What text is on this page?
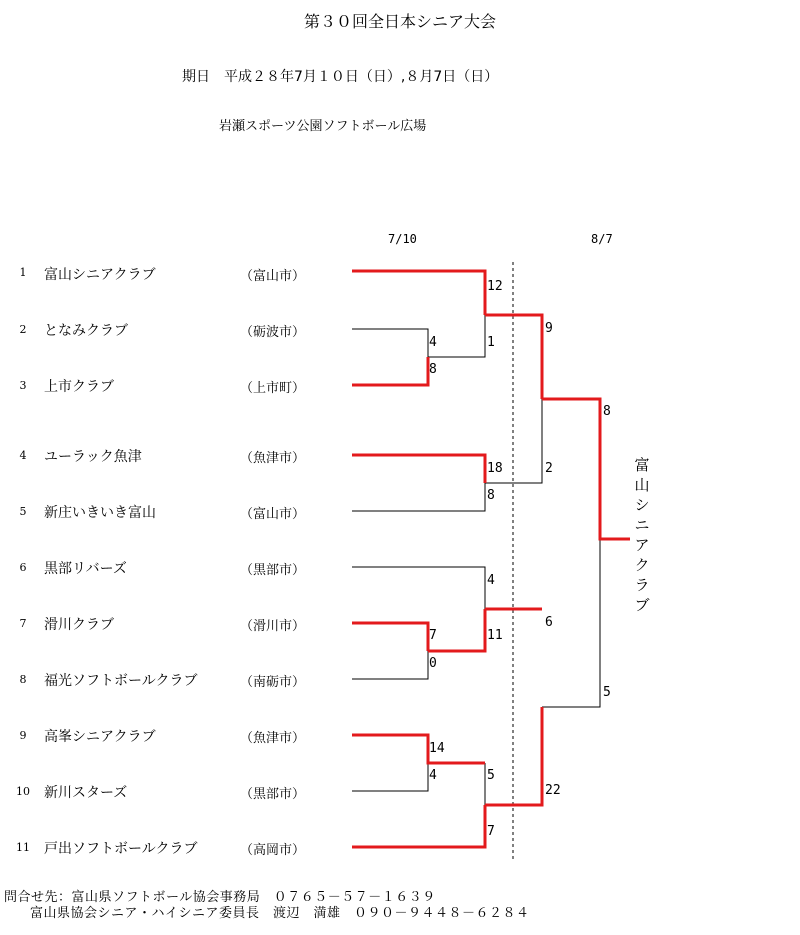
第３０回全日本シニア大会
期日　平成２８年7月１０日（日）,８月7日（日）
岩瀬スポーツ公園ソフトボール広場
7/10	8/7
1	富山シニアクラブ	（富山市）
2	となみクラブ	（砺波市）
3	上市クラブ	（上市町）
4	ユーラック魚津	（魚津市）
5	新庄いきいき富山	（富山市）
6	黒部リバーズ	（黒部市）
7	滑川クラブ	（滑川市）
8	福光ソフトボールクラブ	（南砺市）
9	高峯シニアクラブ	（魚津市）
10 新川スターズ	（黒部市）
11 戸出ソフトボールクラブ	（高岡市）
4
8
12
1
18
8
7
0
4
11
14
4	5
7
9
2
6
22
8
5
富山シニアクラブ
問合せ先：富山県ソフトボール協会事務局　０７６５－５７－１６３９
富山県協会シニア・ハイシニア委員長　渡辺　満雄　０９０－９４４８－６２８４
